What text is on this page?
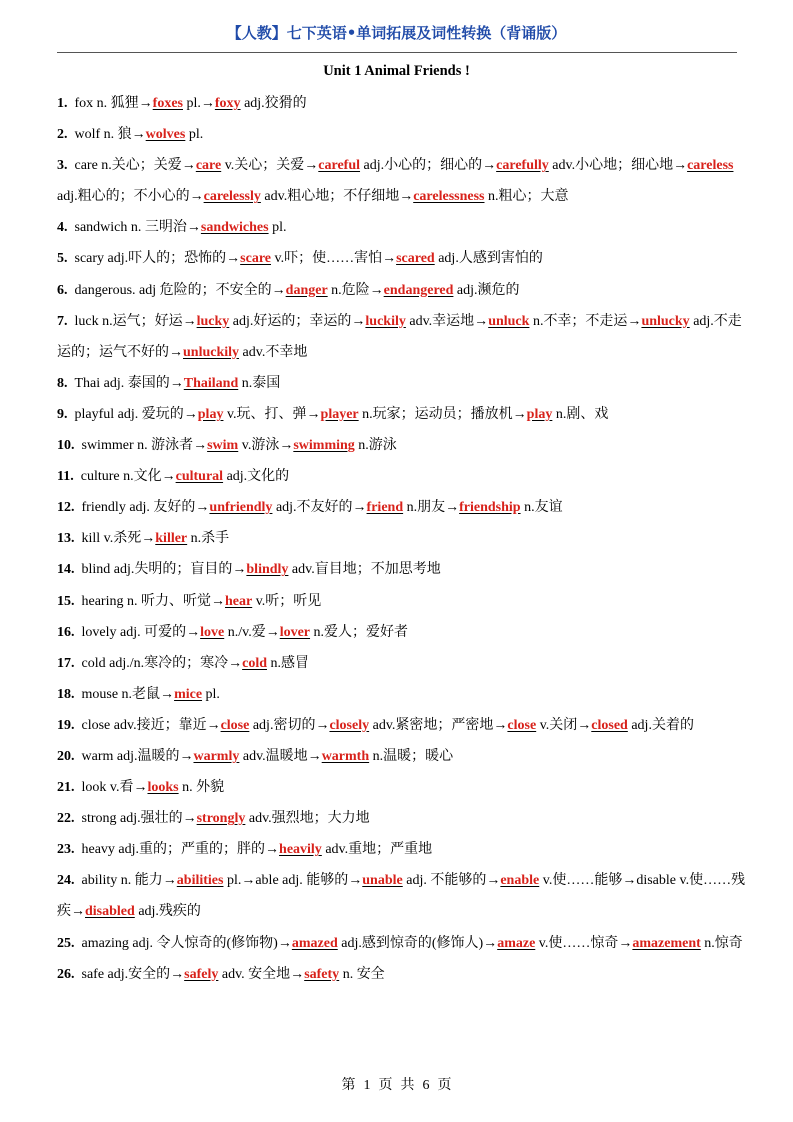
【人教】七下英语•单词拓展及词性转换（背诵版）
Unit 1 Animal Friends !

1. fox n. 狐狸→foxes pl.→foxy adj.狡猾的

2. wolf n. 狼→wolves pl.

3. care n.关心；关爱→care v.关心；关爱→careful adj.小心的；细心的→carefully adv.小心地；细心地→careless adj.粗心的；不小心的→carelessly adv.粗心地；不仔细地→carelessness n.粗心；大意

4. sandwich n. 三明治→sandwiches pl.

5. scary adj.吓人的；恐怖的→scare v.吓；使……害怕→scared adj.人感到害怕的

6. dangerous. adj 危险的；不安全的→danger n.危险→endangered adj.濒危的

7. luck n.运气；好运→lucky adj.好运的；幸运的→luckily adv.幸运地→unluck n.不幸；不走运→unlucky adj.不走运的；运气不好的→unluckily adv.不幸地

8. Thai adj. 泰国的→Thailand n.泰国

9. playful adj. 爱玩的→play v.玩、打、弹→player n.玩家；运动员；播放机→play n.剧、戏

10. swimmer n. 游泳者→swim v.游泳→swimming n.游泳

11. culture n.文化→cultural adj.文化的

12. friendly adj. 友好的→unfriendly adj.不友好的→friend n.朋友→friendship n.友谊

13. kill v.杀死→killer n.杀手

14. blind adj.失明的；盲目的→blindly adv.盲目地；不加思考地

15. hearing n. 听力、听觉→hear v.听；听见

16. lovely adj. 可爱的→love n./v.爱→lover n.爱人；爱好者

17. cold adj./n.寒冷的；寒冷→cold n.感冒

18. mouse n.老鼠→mice pl.

19. close adv.接近；靠近→close adj.密切的→closely adv.紧密地；严密地→close v.关闭→closed adj.关着的

20. warm adj.温暖的→warmly adv.温暖地→warmth n.温暖；暖心

21. look v.看→looks n. 外貌

22. strong adj.强壮的→strongly adv.强烈地；大力地

23. heavy adj.重的；严重的；胖的→heavily adv.重地；严重地

24. ability n. 能力→abilities pl.→able adj. 能够的→unable adj. 不能够的→enable v.使……能够→disable v.使……残疾→disabled adj.残疾的

25. amazing adj. 令人惊奇的(修饰物)→amazed adj.感到惊奇的(修饰人)→amaze v.使……惊奇→amazement n.惊奇

26. safe adj.安全的→safely adv. 安全地→safety n. 安全

第 1 页 共 6 页
